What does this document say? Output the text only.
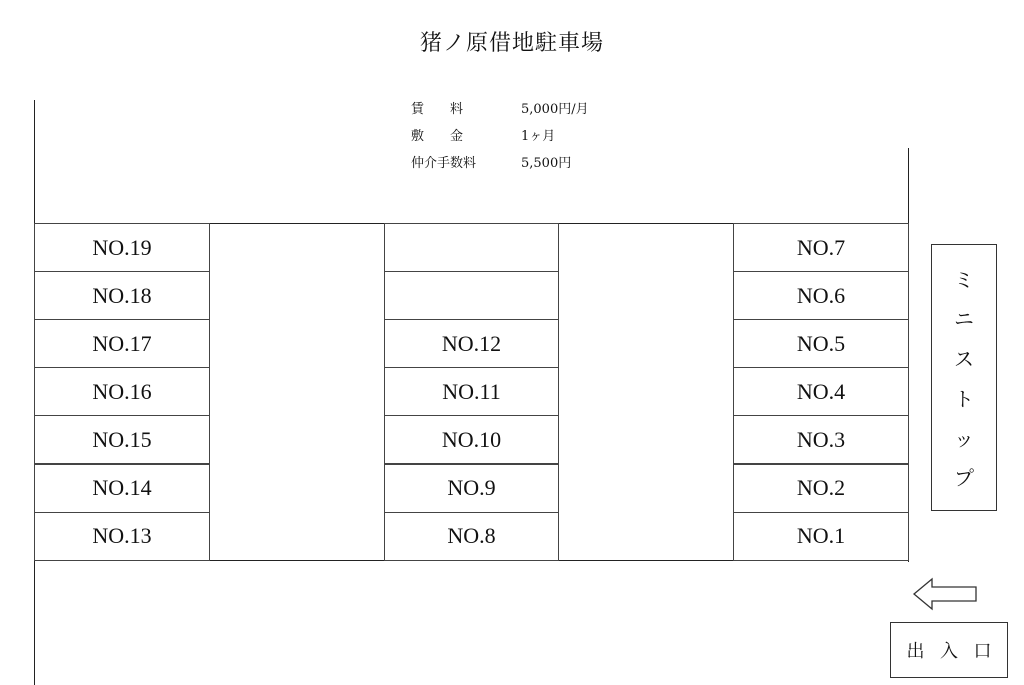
猪ノ原借地駐車場
賃　　料	5,000円/月
敷　　金	1ヶ月
仲介手数料	5,500円
NO.19
NO.18
NO.17
NO.16
NO.15
NO.14
NO.13
NO.12
NO.11
NO.10
NO.9
NO.8
NO.7
NO.6
NO.5
NO.4
NO.3
NO.2
NO.1
ミ
ニ
ス
ト
ッ
プ
出 入 口
